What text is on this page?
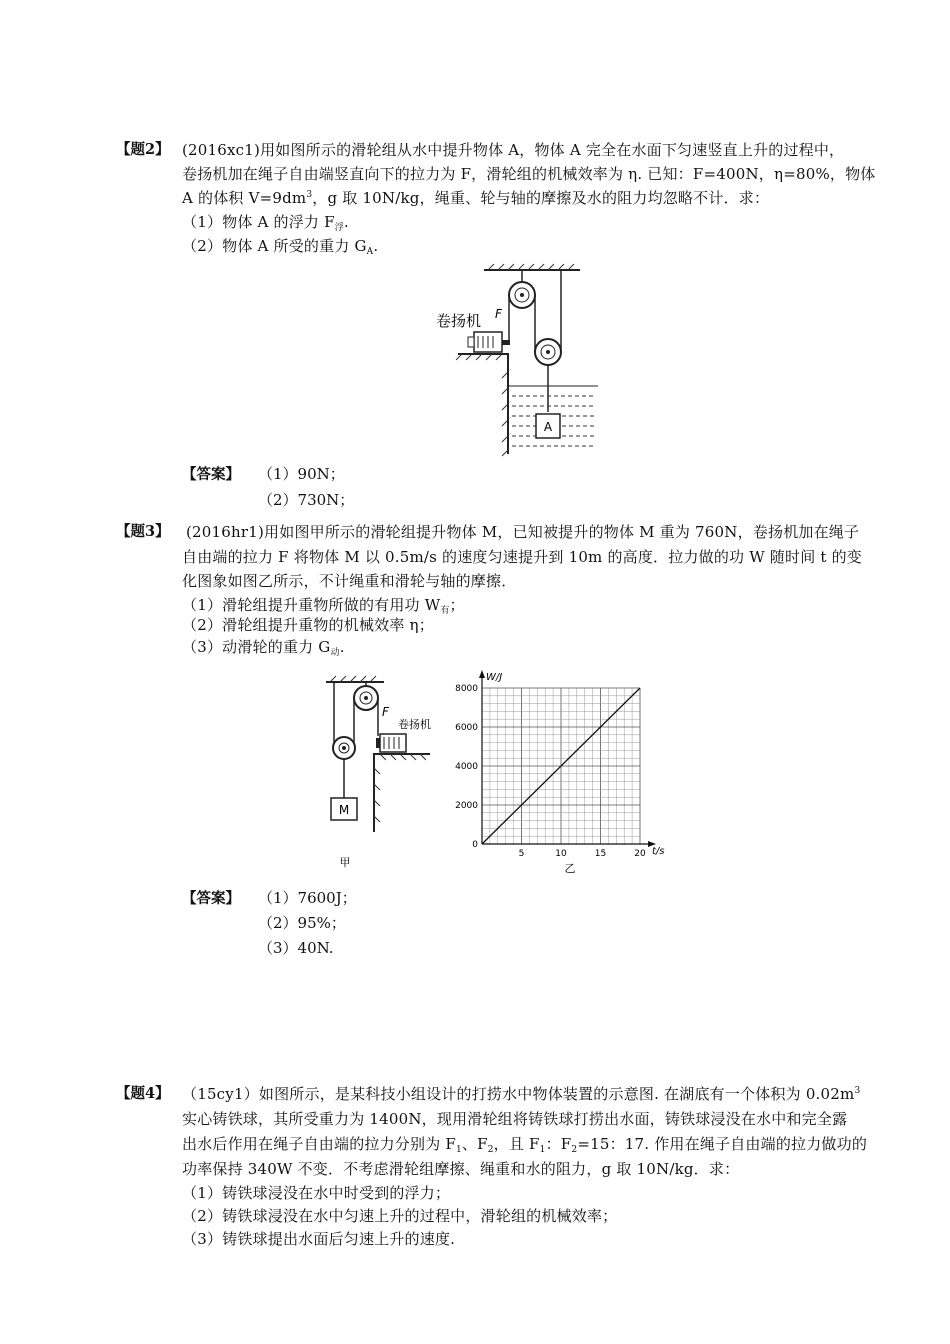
【题2】 (2016xc1)用如图所示的滑轮组从水中提升物体 A，物体 A 完全在水面下匀速竖直上升的过程中，
卷扬机加在绳子自由端竖直向下的拉力为 F，滑轮组的机械效率为 η. 已知：F=400N，η=80%，物体
A 的体积 $V=9dm^3$，g 取 10N/kg，绳重、轮与轴的摩擦及水的阻力均忽略不计．求：
（1）物体 A 的浮力 $F_浮$.
（2）物体 A 所受的重力 $G_A$.
F
卷扬机
A
【答案】 （1）90N；
（2）730N；
【题3】 (2016hr1)用如图甲所示的滑轮组提升物体 M，已知被提升的物体 M 重为 760N，卷扬机加在绳子
自由端的拉力 F 将物体 M 以 0.5m/s 的速度匀速提升到 10m 的高度．拉力做的功 W 随时间 t 的变
化图象如图乙所示，不计绳重和滑轮与轴的摩擦．
（1）滑轮组提升重物所做的有用功 $W_有$；
（2）滑轮组提升重物的机械效率 η；
（3）动滑轮的重力 $G_动$.
F
卷扬机
M
甲
0
2000
4000
6000
8000
5	10	15	20
W/J
t/s
乙
【答案】 （1）7600J；
（2）95%；
（3）40N.
【题4】 （15cy1）如图所示，是某科技小组设计的打捞水中物体装置的示意图. 在湖底有一个体积为 $0.02m^3$
实心铸铁球，其所受重力为 1400N，现用滑轮组将铸铁球打捞出水面，铸铁球浸没在水中和完全露
出水后作用在绳子自由端的拉力分别为 $F_1$、$F_2$，且 $F_1$：$F_2=15$：17. 作用在绳子自由端的拉力做功的
功率保持 340W 不变．不考虑滑轮组摩擦、绳重和水的阻力，g 取 10N/kg．求：
（1）铸铁球浸没在水中时受到的浮力；
（2）铸铁球浸没在水中匀速上升的过程中，滑轮组的机械效率；
（3）铸铁球提出水面后匀速上升的速度.
